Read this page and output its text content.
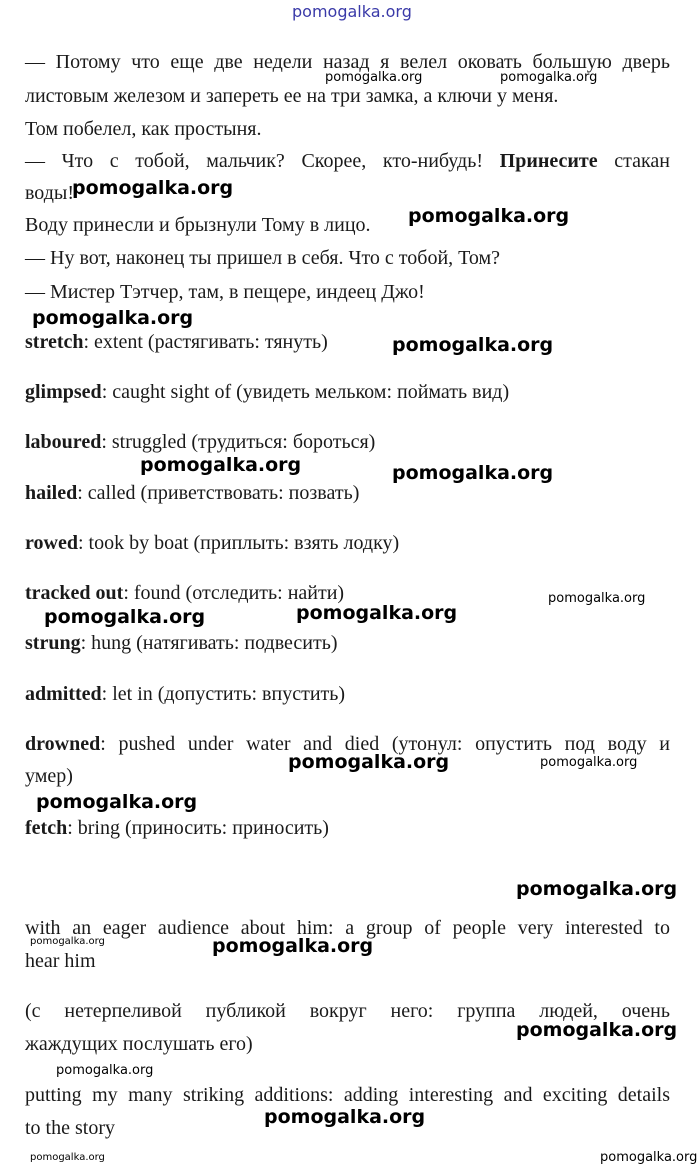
pomogalka.org
— Потому что еще две недели назад я велел оковать большую дверь
листовым железом и запереть ее на три замка, а ключи у меня.
Том побелел, как простыня.
— Что с тобой, мальчик? Скорее, кто-нибудь! Принесите стакан
воды!
Воду принесли и брызнули Тому в лицо.
— Ну вот, наконец ты пришел в себя. Что с тобой, Том?
— Мистер Тэтчер, там, в пещере, индеец Джо!
stretch: extent (растягивать: тянуть)
glimpsed: caught sight of (увидеть мельком: поймать вид)
laboured: struggled (трудиться: бороться)
hailed: called (приветствовать: позвать)
rowed: took by boat (приплыть: взять лодку)
tracked out: found (отследить: найти)
strung: hung (натягивать: подвесить)
admitted: let in (допустить: впустить)
drowned: pushed under water and died (утонул: опустить под воду и
умер)
fetch: bring (приносить: приносить)
with an eager audience about him: a group of people very interested to
hear him
(с нетерпеливой публикой вокруг него: группа людей, очень
жаждущих послушать его)
putting my many striking additions: adding interesting and exciting details
to the story
pomogalka.org	pomogalka.org
pomogalka.org
pomogalka.org
pomogalka.org
pomogalka.org
pomogalka.org	pomogalka.org
pomogalka.org	pomogalka.org
pomogalka.org
pomogalka.org	pomogalka.org
pomogalka.org
pomogalka.org
pomogalka.org	pomogalka.org
pomogalka.org
pomogalka.org
pomogalka.org
pomogalka.org
pomogalka.org
